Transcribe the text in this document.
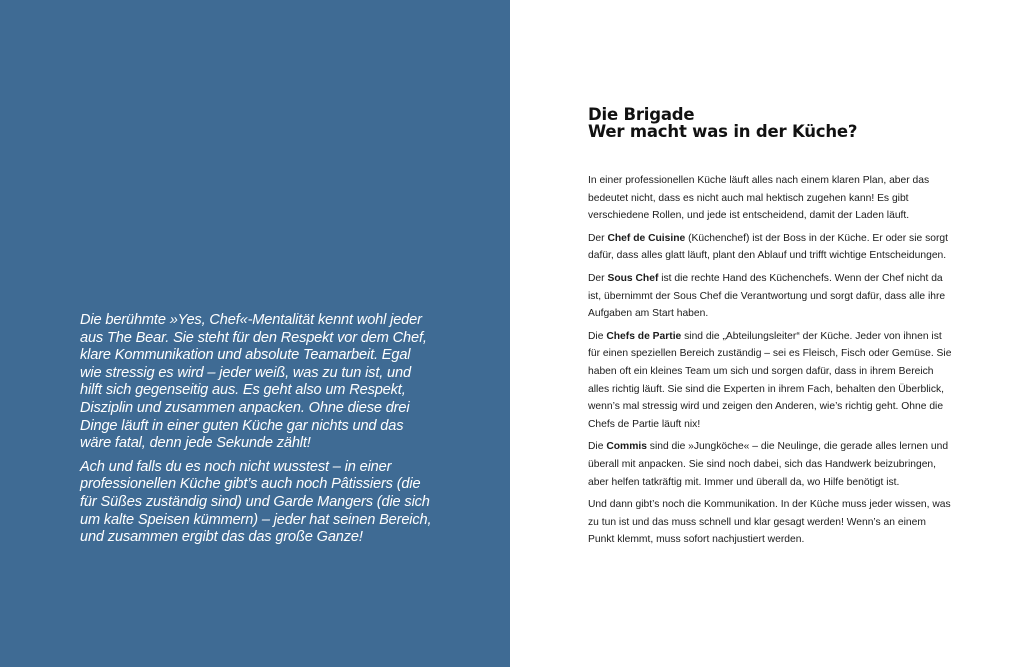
Die berühmte »Yes, Chef«-Mentalität kennt wohl jeder aus The Bear. Sie steht für den Respekt vor dem Chef, klare Kommunikation und absolute Teamarbeit. Egal wie stressig es wird – jeder weiß, was zu tun ist, und hilft sich gegenseitig aus. Es geht also um Respekt, Disziplin und zusammen anpacken. Ohne diese drei Dinge läuft in einer guten Küche gar nichts und das wäre fatal, denn jede Sekunde zählt!

Ach und falls du es noch nicht wusstest – in einer professionellen Küche gibt’s auch noch Pâtissiers (die für Süßes zuständig sind) und Garde Mangers (die sich um kalte Speisen kümmern) – jeder hat seinen Bereich, und zusammen ergibt das das große Ganze!

Die Brigade
Wer macht was in der Küche?

In einer professionellen Küche läuft alles nach einem klaren Plan, aber das bedeutet nicht, dass es nicht auch mal hektisch zugehen kann! Es gibt verschiedene Rollen, und jede ist entscheidend, damit der Laden läuft.

Der Chef de Cuisine (Küchenchef) ist der Boss in der Küche. Er oder sie sorgt dafür, dass alles glatt läuft, plant den Ablauf und trifft wichtige Entscheidungen.

Der Sous Chef ist die rechte Hand des Küchenchefs. Wenn der Chef nicht da ist, übernimmt der Sous Chef die Verantwortung und sorgt dafür, dass alle ihre Aufgaben am Start haben.

Die Chefs de Partie sind die „Abteilungsleiter“ der Küche. Jeder von ihnen ist für einen speziellen Bereich zuständig – sei es Fleisch, Fisch oder Gemüse. Sie haben oft ein kleines Team um sich und sorgen dafür, dass in ihrem Bereich alles richtig läuft. Sie sind die Experten in ihrem Fach, behalten den Überblick, wenn’s mal stressig wird und zeigen den Anderen, wie’s richtig geht. Ohne die Chefs de Partie läuft nix!

Die Commis sind die »Jungköche« – die Neulinge, die gerade alles lernen und überall mit anpacken. Sie sind noch dabei, sich das Handwerk beizubringen, aber helfen tatkräftig mit. Immer und überall da, wo Hilfe benötigt ist.

Und dann gibt’s noch die Kommunikation. In der Küche muss jeder wissen, was zu tun ist und das muss schnell und klar gesagt werden! Wenn’s an einem Punkt klemmt, muss sofort nachjustiert werden.
